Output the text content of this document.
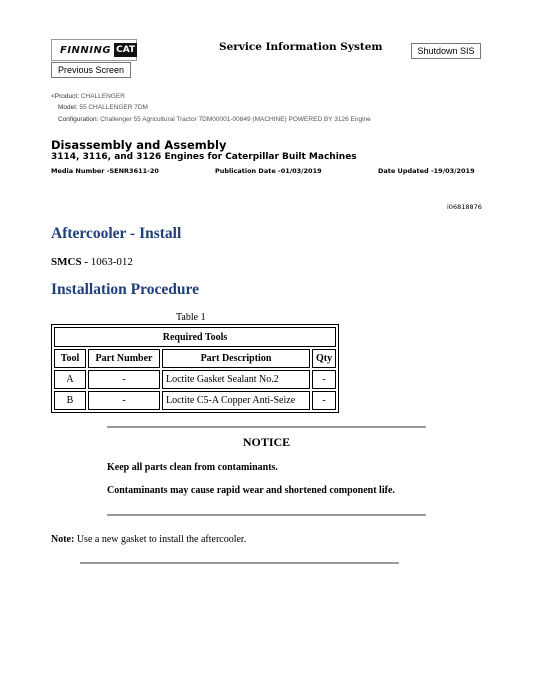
FINNING CAT
Previous Screen
Service Information System	Shutdown SIS
<Product: CHALLENGER
Model: 55 CHALLENGER 7DM
Configuration: Challenger 55 Agricultural Tractor 7DM00001-00849 (MACHINE) POWERED BY 3126 Engine
Disassembly and Assembly
3114, 3116, and 3126 Engines for Caterpillar Built Machines
Media Number -SENR3611-20	Publication Date -01/03/2019	Date Updated -19/03/2019
i06818876
Aftercooler - Install
SMCS - 1063-012
Installation Procedure
Table 1
Required Tools			
Tool	Part Number	Part Description	Qty
A	-	Loctite Gasket Sealant No.2	-
B	-	Loctite C5-A Copper Anti-Seize	-
NOTICE
Keep all parts clean from contaminants.
Contaminants may cause rapid wear and shortened component life.
Note: Use a new gasket to install the aftercooler.
